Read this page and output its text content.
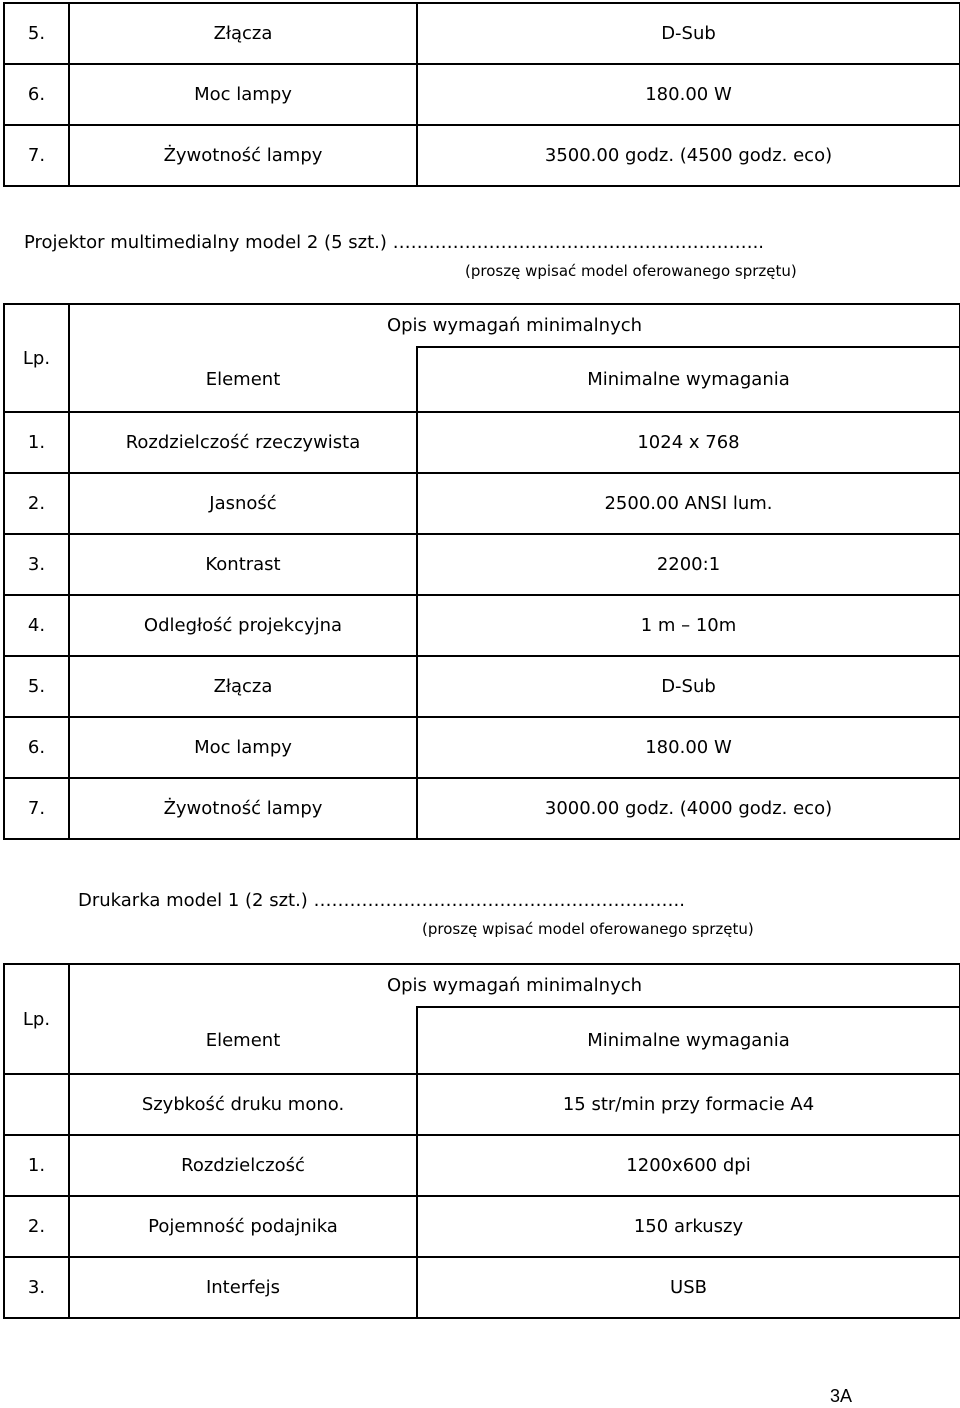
5.	Złącza	D-Sub
6.	Moc lampy	180.00 W
7.	Żywotność lampy	3500.00 godz. (4500 godz. eco)
Projektor multimedialny model 2 (5 szt.) ……………………………………………………..
(proszę wpisać model oferowanego sprzętu)
Lp.	Opis wymagań minimalnych	
	Element	Minimalne wymagania
1.	Rozdzielczość rzeczywista	1024 x 768
2.	Jasność	2500.00 ANSI lum.
3.	Kontrast	2200:1
4.	Odległość projekcyjna	1 m – 10m
5.	Złącza	D-Sub
6.	Moc lampy	180.00 W
7.	Żywotność lampy	3000.00 godz. (4000 godz. eco)
Drukarka model 1 (2 szt.) ……………………………………………………..
(proszę wpisać model oferowanego sprzętu)
Lp.	Opis wymagań minimalnych	
	Element	Minimalne wymagania
	Szybkość druku mono.	15 str/min przy formacie A4
1.	Rozdzielczość	1200x600 dpi
2.	Pojemność podajnika	150 arkuszy
3.	Interfejs	USB
3A
